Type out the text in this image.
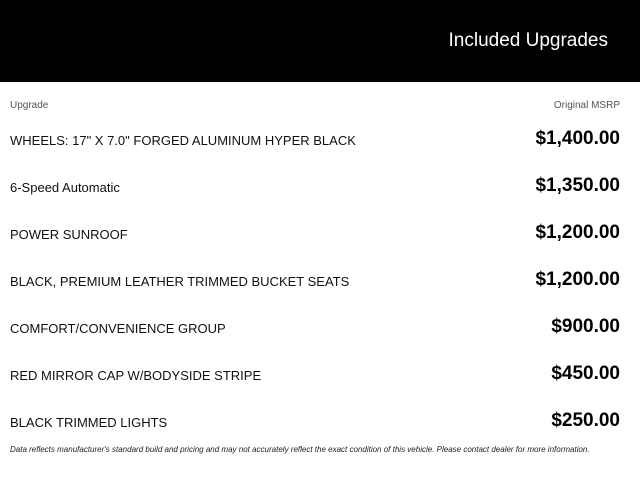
Included Upgrades
Upgrade	Original MSRP
WHEELS: 17" X 7.0" FORGED ALUMINUM HYPER BLACK	$1,400.00
6-Speed Automatic	$1,350.00
POWER SUNROOF	$1,200.00
BLACK, PREMIUM LEATHER TRIMMED BUCKET SEATS	$1,200.00
COMFORT/CONVENIENCE GROUP	$900.00
RED MIRROR CAP W/BODYSIDE STRIPE	$450.00
BLACK TRIMMED LIGHTS	$250.00
Data reflects manufacturer's standard build and pricing and may not accurately reflect the exact condition of this vehicle. Please contact dealer for more information.
